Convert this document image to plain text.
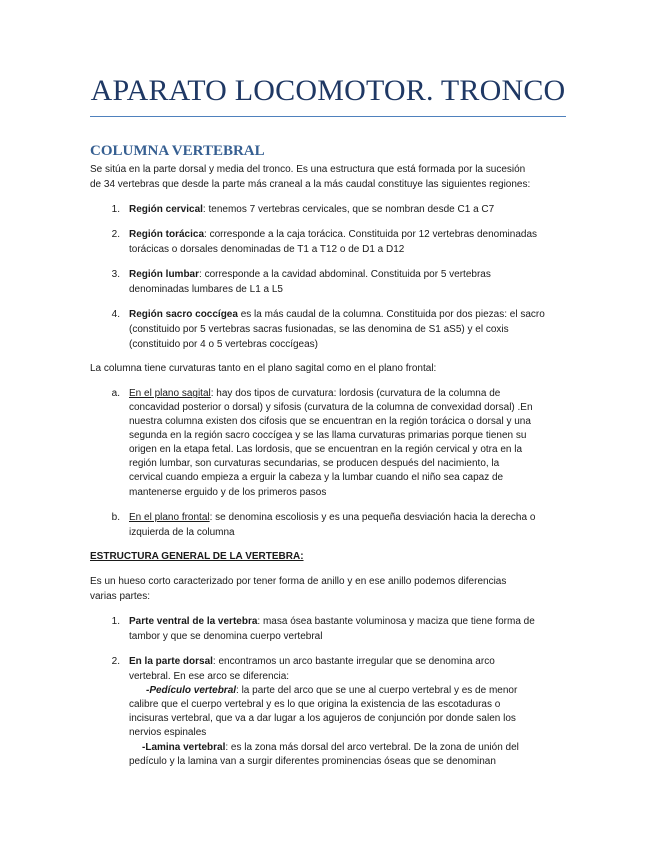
APARATO LOCOMOTOR. TRONCO
COLUMNA VERTEBRAL
Se sitúa en la parte dorsal y media del tronco. Es una estructura que está formada por la sucesión
de 34 vertebras que desde la parte más craneal a la más caudal constituye las siguientes regiones:
1. Región cervical: tenemos 7 vertebras cervicales, que se nombran desde C1 a C7
2. Región torácica: corresponde a la caja torácica. Constituida por 12 vertebras denominadas
torácicas o dorsales denominadas de T1 a T12 o de D1 a D12
3. Región lumbar: corresponde a la cavidad abdominal. Constituida por 5 vertebras
denominadas lumbares de L1 a L5
4. Región sacro coccígea es la más caudal de la columna. Constituida por dos piezas: el sacro
(constituido por 5 vertebras sacras fusionadas, se las denomina de S1 aS5) y el coxis
(constituido por 4 o 5 vertebras coccígeas)
La columna tiene curvaturas tanto en el plano sagital como en el plano frontal:
a. En el plano sagital: hay dos tipos de curvatura: lordosis (curvatura de la columna de
concavidad posterior o dorsal) y sifosis (curvatura de la columna de convexidad dorsal) .En
nuestra columna existen dos cifosis que se encuentran en la región torácica o dorsal y una
segunda en la región sacro coccígea y se las llama curvaturas primarias porque tienen su
origen en la etapa fetal. Las lordosis, que se encuentran en la región cervical y otra en la
región lumbar, son curvaturas secundarias, se producen después del nacimiento, la
cervical cuando empieza a erguir la cabeza y la lumbar cuando el niño sea capaz de
mantenerse erguido y de los primeros pasos
b. En el plano frontal: se denomina escoliosis y es una pequeña desviación hacia la derecha o
izquierda de la columna
ESTRUCTURA GENERAL DE LA VERTEBRA:
Es un hueso corto caracterizado por tener forma de anillo y en ese anillo podemos diferencias
varias partes:
1. Parte ventral de la vertebra: masa ósea bastante voluminosa y maciza que tiene forma de
tambor y que se denomina cuerpo vertebral
2. En la parte dorsal: encontramos un arco bastante irregular que se denomina arco
vertebral. En ese arco se diferencia:
-Pedículo vertebral: la parte del arco que se une al cuerpo vertebral y es de menor
calibre que el cuerpo vertebral y es lo que origina la existencia de las escotaduras o
incisuras vertebral, que va a dar lugar a los agujeros de conjunción por donde salen los
nervios espinales
-Lamina vertebral: es la zona más dorsal del arco vertebral. De la zona de unión del
pedículo y la lamina van a surgir diferentes prominencias óseas que se denominan
